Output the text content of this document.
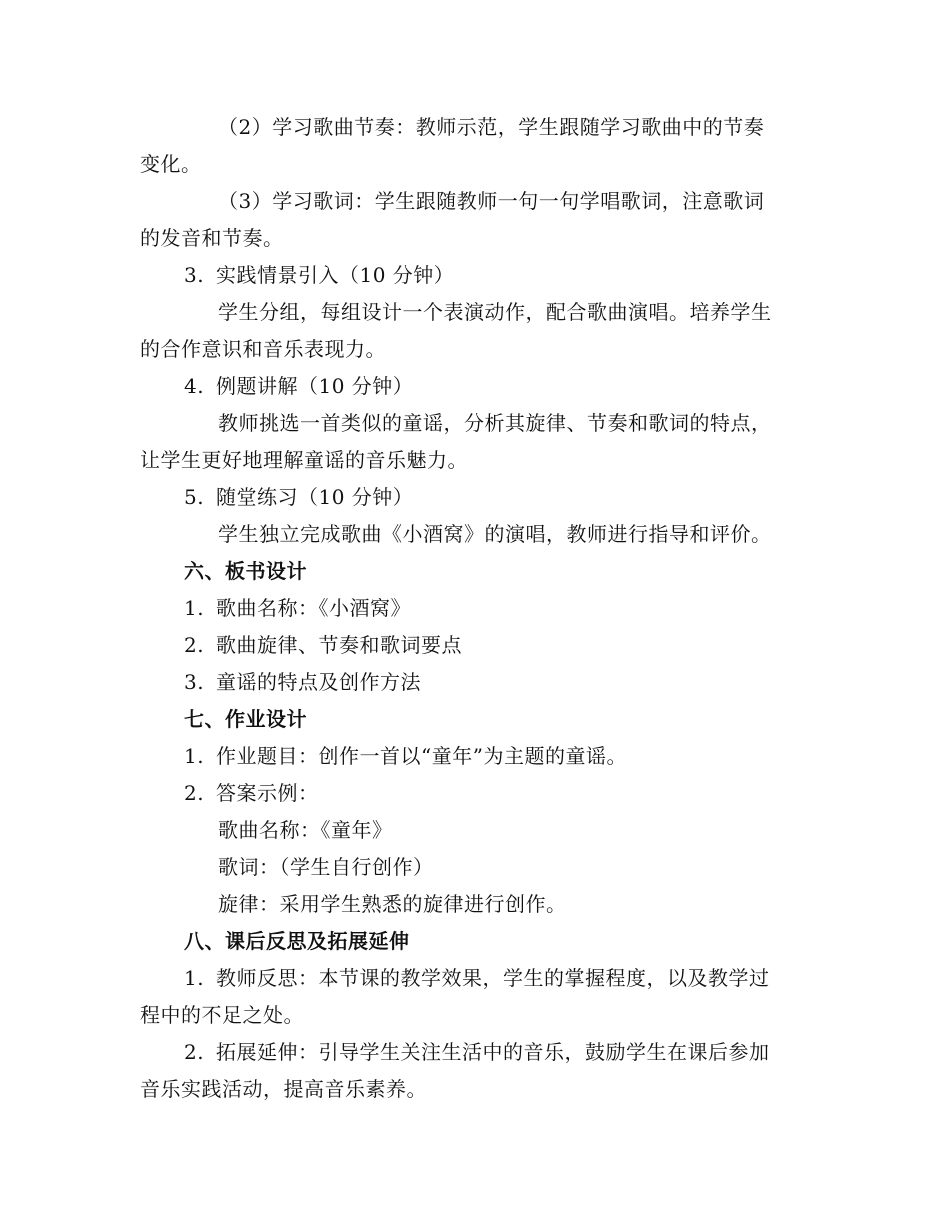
（2）学习歌曲节奏：教师示范，学生跟随学习歌曲中的节奏
变化。
（3）学习歌词：学生跟随教师一句一句学唱歌词，注意歌词
的发音和节奏。
3. 实践情景引入（10 分钟）
学生分组，每组设计一个表演动作，配合歌曲演唱。培养学生
的合作意识和音乐表现力。
4. 例题讲解（10 分钟）
教师挑选一首类似的童谣，分析其旋律、节奏和歌词的特点，
让学生更好地理解童谣的音乐魅力。
5. 随堂练习（10 分钟）
学生独立完成歌曲《小酒窝》的演唱，教师进行指导和评价。
六、板书设计
1. 歌曲名称：《小酒窝》
2. 歌曲旋律、节奏和歌词要点
3. 童谣的特点及创作方法
七、作业设计
1. 作业题目：创作一首以“童年”为主题的童谣。
2. 答案示例：
歌曲名称：《童年》
歌词：（学生自行创作）
旋律：采用学生熟悉的旋律进行创作。
八、课后反思及拓展延伸
1. 教师反思：本节课的教学效果，学生的掌握程度，以及教学过
程中的不足之处。
2. 拓展延伸：引导学生关注生活中的音乐，鼓励学生在课后参加
音乐实践活动，提高音乐素养。
